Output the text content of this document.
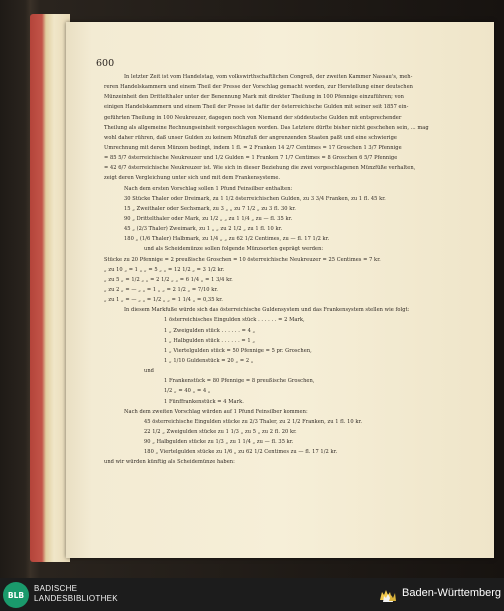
600
In letzter Zeit ist vom Handelstag, vom volkswirthschaftlichen Congreß, der zweiten Kammer Nassau's, meh-
reren Handelskammern und einem Theil der Presse der Vorschlag gemacht worden, zur Herstellung einer deutschen
Münzeinheit den Drittelthaler unter der Benennung Mark mit direkter Theilung in 100 Pfennige einzuführen; von
einigen Handelskammern und einem Theil der Presse ist dafür der österreichische Gulden mit seiner seit 1857 ein-
geführten Theilung in 100 Neukreuzer, dagegen noch von Niemand der süddeutsche Gulden mit entsprechender
Theilung als allgemeine Rechnungseinheit vorgeschlagen worden. Das Letztere dürfte bisher nicht geschehen sein, ... mag
wohl daher rühren, daß unser Gulden zu keinem Münzfuß der angrenzenden Staaten paßt und eine schwierige
Umrechnung mit deren Münzen bedingt, indem 1 fl. = 2 Franken 14 2/7 Centimes = 17 Groschen 1 3/7 Pfennige
= 85 5/7 österreichische Neukreuzer und 1/2 Gulden = 1 Franken 7 1/7 Centimes = 8 Groschen 6 5/7 Pfennige
= 42 6/7 österreichische Neukreuzer ist. Wie sich in dieser Beziehung die zwei vorgeschlagenen Münzfüße verhalten,
zeigt deren Vergleichung unter sich und mit dem Frankensysteme.
Nach dem ersten Vorschlag sollen 1 Pfund Feinsilber enthalten:
30 Stücke Thaler oder Dreimark, zu 1 1/2 österreichischen Gulden, zu 3 3/4 Franken, zu 1 fl. 45 kr.
15 „ Zweithaler oder Sechsmark, zu 3 „ „ zu 7 1/2 „ zu 3 fl. 30 kr.
90 „ Drittelthaler oder Mark, zu 1/2 „ „ zu 1 1/4 „ zu — fl. 35 kr.
45 „ (2/3 Thaler) Zweimark, zu 1 „ „ zu 2 1/2 „ zu 1 fl. 10 kr.
180 „ (1/6 Thaler) Halbmark, zu 1/4 „ „ zu 62 1/2 Centimes, zu — fl. 17 1/2 kr.
und als Scheidemünze sollen folgende Münzsorten geprägt werden:
Stücke zu 20 Pfennige = 2 preußische Groschen = 10 österreichische Neukreuzer = 25 Centimes = 7 kr.
„ zu 10 „ = 1 „ „ = 5 „ „ = 12 1/2 „ = 3 1/2 kr.
„ zu 5 „ = 1/2 „ „ = 2 1/2 „ „ = 6 1/4 „ = 1 3/4 kr.
„ zu 2 „ = — „ „ = 1 „ „ = 2 1/2 „ = 7/10 kr.
„ zu 1 „ = — „ „ = 1/2 „ „ = 1 1/4 „ = 0,35 kr.
In diesem Markfuße würde sich das österreichische Guldensystem und das Frankensystem stellen wie folgt:
1 österreichisches Eingulden stück . . . . . . = 2 Mark,
1 „ Zweigulden stück . . . . . . = 4 „
1 „ Halbgulden stück . . . . . . = 1 „
1 „ Viertelgulden stück = 50 Pfennige = 5 pr. Groschen,
1 „ 1/10 Guldenstück = 20 „ = 2 „
und
1 Frankenstück = 80 Pfennige = 8 preußische Groschen,
1/2 „ = 40 „ = 4 „
1 Fünffrankenstück = 4 Mark.
Nach dem zweiten Vorschlag würden auf 1 Pfund Feinsilber kommen:
45 österreichische Eingulden stücke zu 2/3 Thaler, zu 2 1/2 Franken, zu 1 fl. 10 kr.
22 1/2 „ Zweigulden stücke zu 1 1/3 „ zu 5 „ zu 2 fl. 20 kr.
90 „ Halbgulden stücke zu 1/3 „ zu 1 1/4 „ zu — fl. 35 kr.
180 „ Viertelgulden stücke zu 1/6 „ zu 62 1/2 Centimes zu — fl. 17 1/2 kr.
und wir würden künftig als Scheidemünze haben:
BLB
BADISCHE
LANDESBIBLIOTHEK	Baden-Württemberg
